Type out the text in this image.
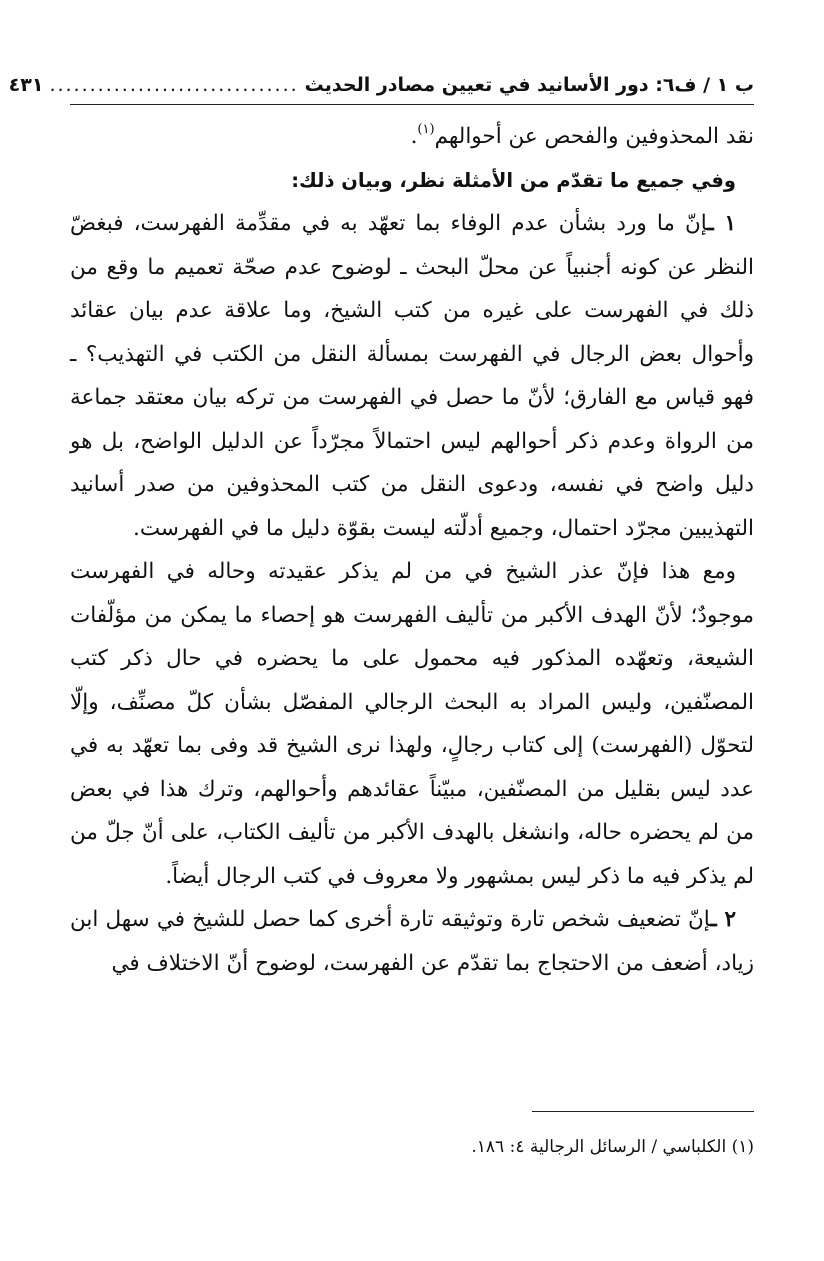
ب ١ / ف٦: دور الأسانيد في تعيين مصادر الحديث
...............................
٤٣١

نقد المحذوفين والفحص عن أحوالهم$^{(١)}$.

وفي جميع ما تقدّم من الأمثلة نظر، وبيان ذلك:

١ ـإنّ ما ورد بشأن عدم الوفاء بما تعهّد به في مقدِّمة الفهرست، فبغضّ النظر عن كونه أجنبياً عن محلّ البحث ـ لوضوح عدم صحّة تعميم ما وقع من ذلك في الفهرست على غيره من كتب الشيخ، وما علاقة عدم بيان عقائد وأحوال بعض الرجال في الفهرست بمسألة النقل من الكتب في التهذيب؟ ـ فهو قياس مع الفارق؛ لأنّ ما حصل في الفهرست من تركه بيان معتقد جماعة من الرواة وعدم ذكر أحوالهم ليس احتمالاً مجرّداً عن الدليل الواضح، بل هو دليل واضح في نفسه، ودعوى النقل من كتب المحذوفين من صدر أسانيد التهذيبين مجرّد احتمال، وجميع أدلّته ليست بقوّة دليل ما في الفهرست.

ومع هذا فإنّ عذر الشيخ في من لم يذكر عقيدته وحاله في الفهرست موجودٌ؛ لأنّ الهدف الأكبر من تأليف الفهرست هو إحصاء ما يمكن من مؤلّفات الشيعة، وتعهّده المذكور فيه محمول على ما يحضره في حال ذكر كتب المصنّفين، وليس المراد به البحث الرجالي المفصّل بشأن كلّ مصنِّف، وإلّا لتحوّل (الفهرست) إلى كتاب رجالٍ، ولهذا نرى الشيخ قد وفى بما تعهّد به في عدد ليس بقليل من المصنّفين، مبيّناً عقائدهم وأحوالهم، وترك هذا في بعض من لم يحضره حاله، وانشغل بالهدف الأكبر من تأليف الكتاب، على أنّ جلّ من لم يذكر فيه ما ذكر ليس بمشهور ولا معروف في كتب الرجال أيضاً.

٢ ـإنّ تضعيف شخص تارة وتوثيقه تارة أخرى كما حصل للشيخ في سهل ابن زياد، أضعف من الاحتجاج بما تقدّم عن الفهرست، لوضوح أنّ الاختلاف في

(١) الكلباسي / الرسائل الرجالية ٤: ١٨٦.
